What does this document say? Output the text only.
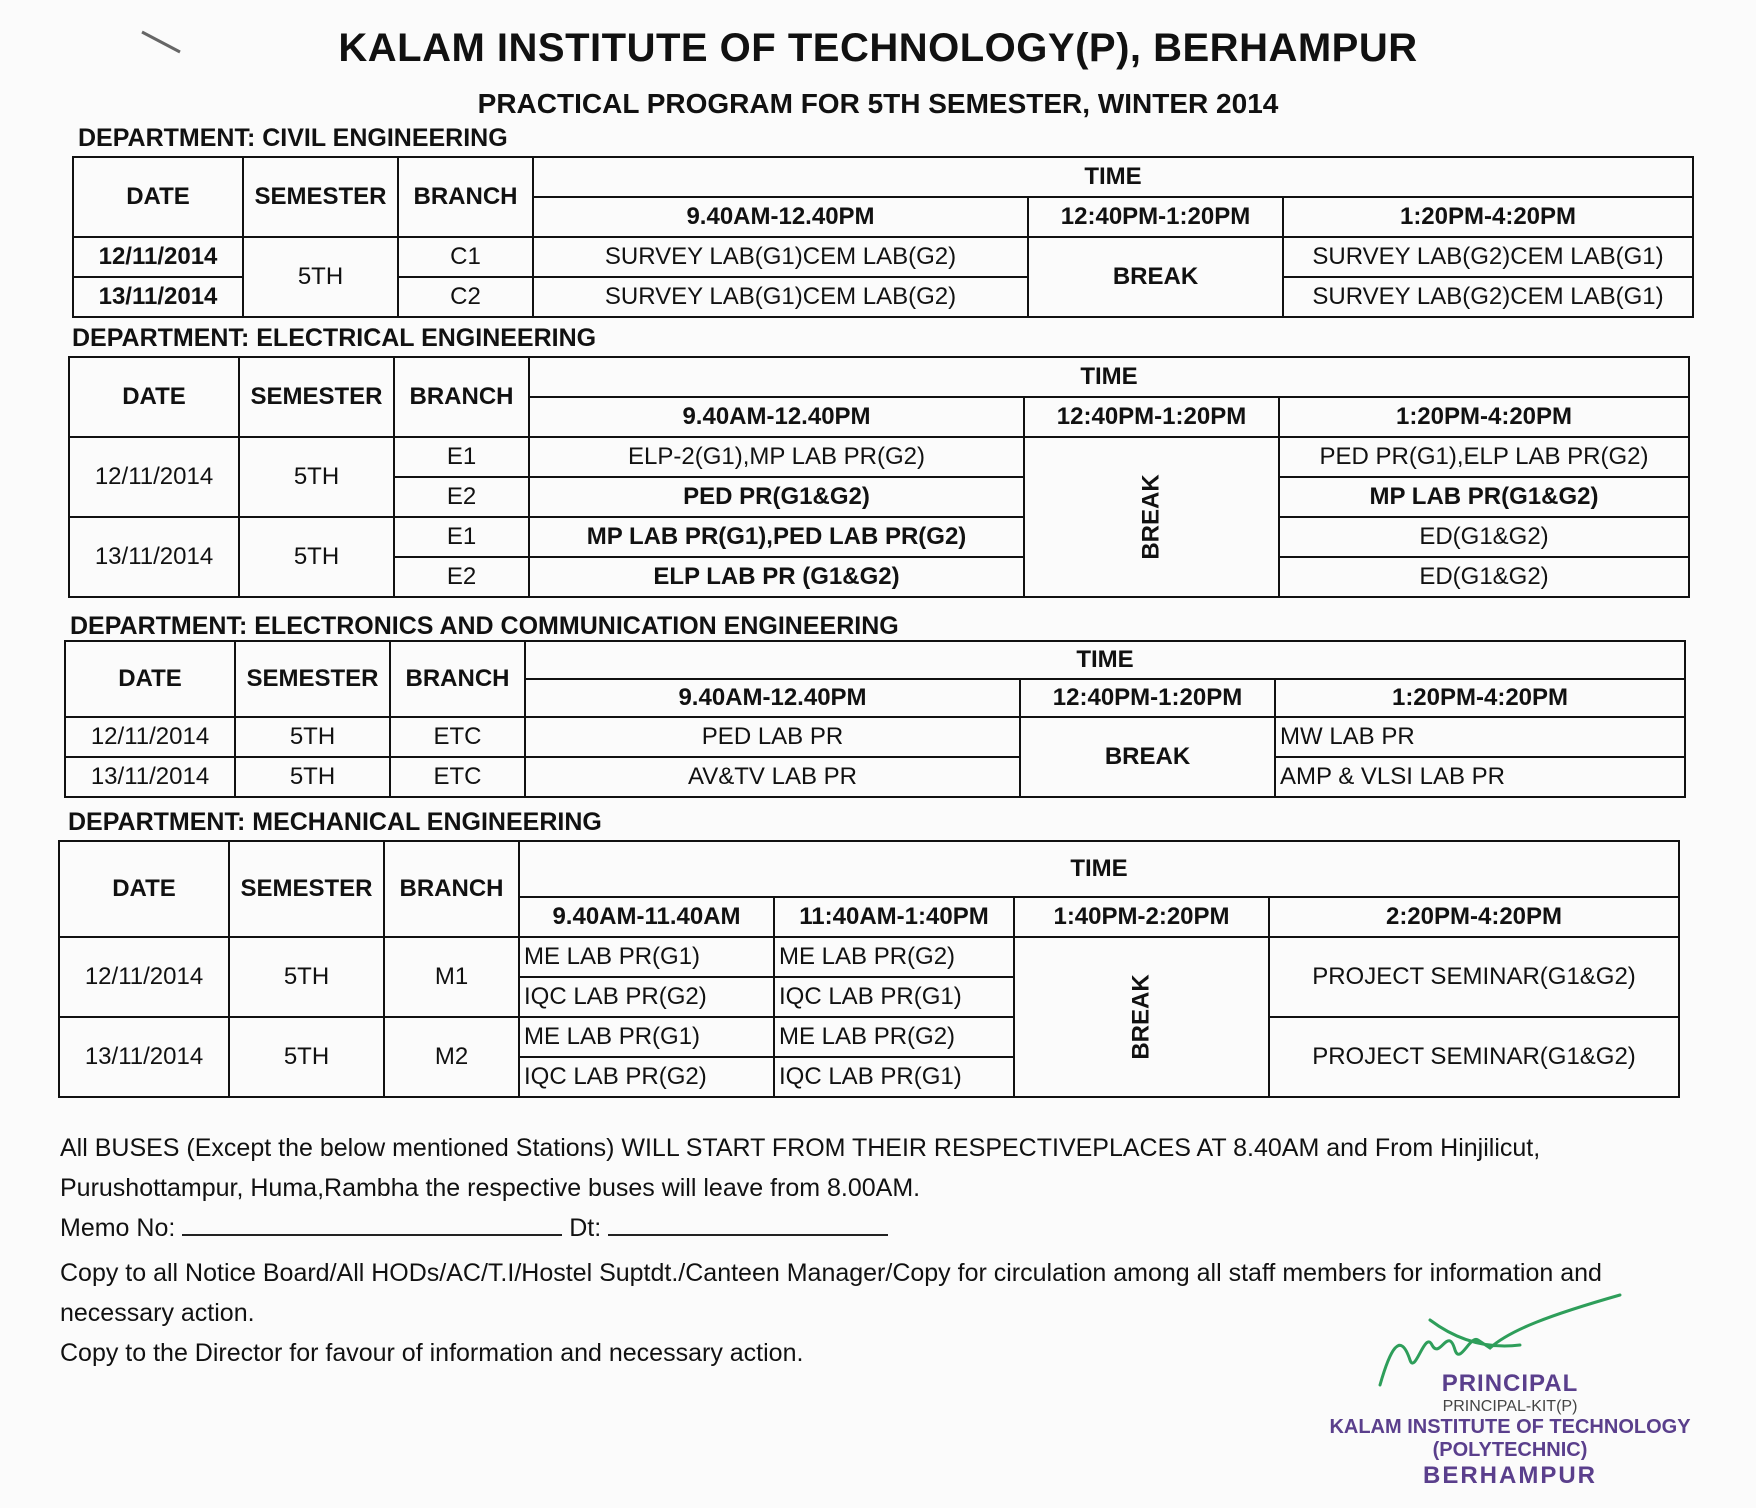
KALAM INSTITUTE OF TECHNOLOGY(P), BERHAMPUR
PRACTICAL PROGRAM FOR 5TH SEMESTER, WINTER 2014
DEPARTMENT: CIVIL ENGINEERING
DATE	SEMESTER	BRANCH	TIME		
			9.40AM-12.40PM	12:40PM-1:20PM	1:20PM-4:20PM
12/11/2014	5TH	C1	SURVEY LAB(G1)CEM LAB(G2)	BREAK	SURVEY LAB(G2)CEM LAB(G1)
13/11/2014		C2	SURVEY LAB(G1)CEM LAB(G2)		SURVEY LAB(G2)CEM LAB(G1)
DEPARTMENT: ELECTRICAL ENGINEERING
DATE	SEMESTER	BRANCH	TIME		
			9.40AM-12.40PM	12:40PM-1:20PM	1:20PM-4:20PM
12/11/2014	5TH	E1	ELP-2(G1),MP LAB PR(G2)	BREAK	PED PR(G1),ELP LAB PR(G2)
		E2	PED PR(G1&G2)		MP LAB PR(G1&G2)
13/11/2014	5TH	E1	MP LAB PR(G1),PED LAB PR(G2)		ED(G1&G2)
		E2	ELP LAB PR (G1&G2)		ED(G1&G2)
DEPARTMENT: ELECTRONICS AND COMMUNICATION ENGINEERING
DATE	SEMESTER	BRANCH	TIME		
			9.40AM-12.40PM	12:40PM-1:20PM	1:20PM-4:20PM
12/11/2014	5TH	ETC	PED LAB PR	BREAK	MW LAB PR
13/11/2014	5TH	ETC	AV&TV LAB PR		AMP & VLSI LAB PR
DEPARTMENT: MECHANICAL ENGINEERING
DATE	SEMESTER	BRANCH	TIME			
			9.40AM-11.40AM	11:40AM-1:40PM	1:40PM-2:20PM	2:20PM-4:20PM
12/11/2014	5TH	M1	ME LAB PR(G1)	ME LAB PR(G2)	BREAK	PROJECT SEMINAR(G1&G2)
			IQC LAB PR(G2)	IQC LAB PR(G1)		
13/11/2014	5TH	M2	ME LAB PR(G1)	ME LAB PR(G2)		PROJECT SEMINAR(G1&G2)
			IQC LAB PR(G2)	IQC LAB PR(G1)		
All BUSES (Except the below mentioned Stations) WILL START FROM THEIR RESPECTIVEPLACES AT 8.40AM and From Hinjilicut, Purushottampur, Huma,Rambha the respective buses will leave from 8.00AM.
Memo No:	Dt:
Copy to all Notice Board/All HODs/AC/T.I/Hostel Suptdt./Canteen Manager/Copy for circulation among all staff members for information and necessary action.
Copy to the Director for favour of information and necessary action.
PRINCIPAL
PRINCIPAL-KIT(P)
KALAM INSTITUTE OF TECHNOLOGY (POLYTECHNIC)
BERHAMPUR
